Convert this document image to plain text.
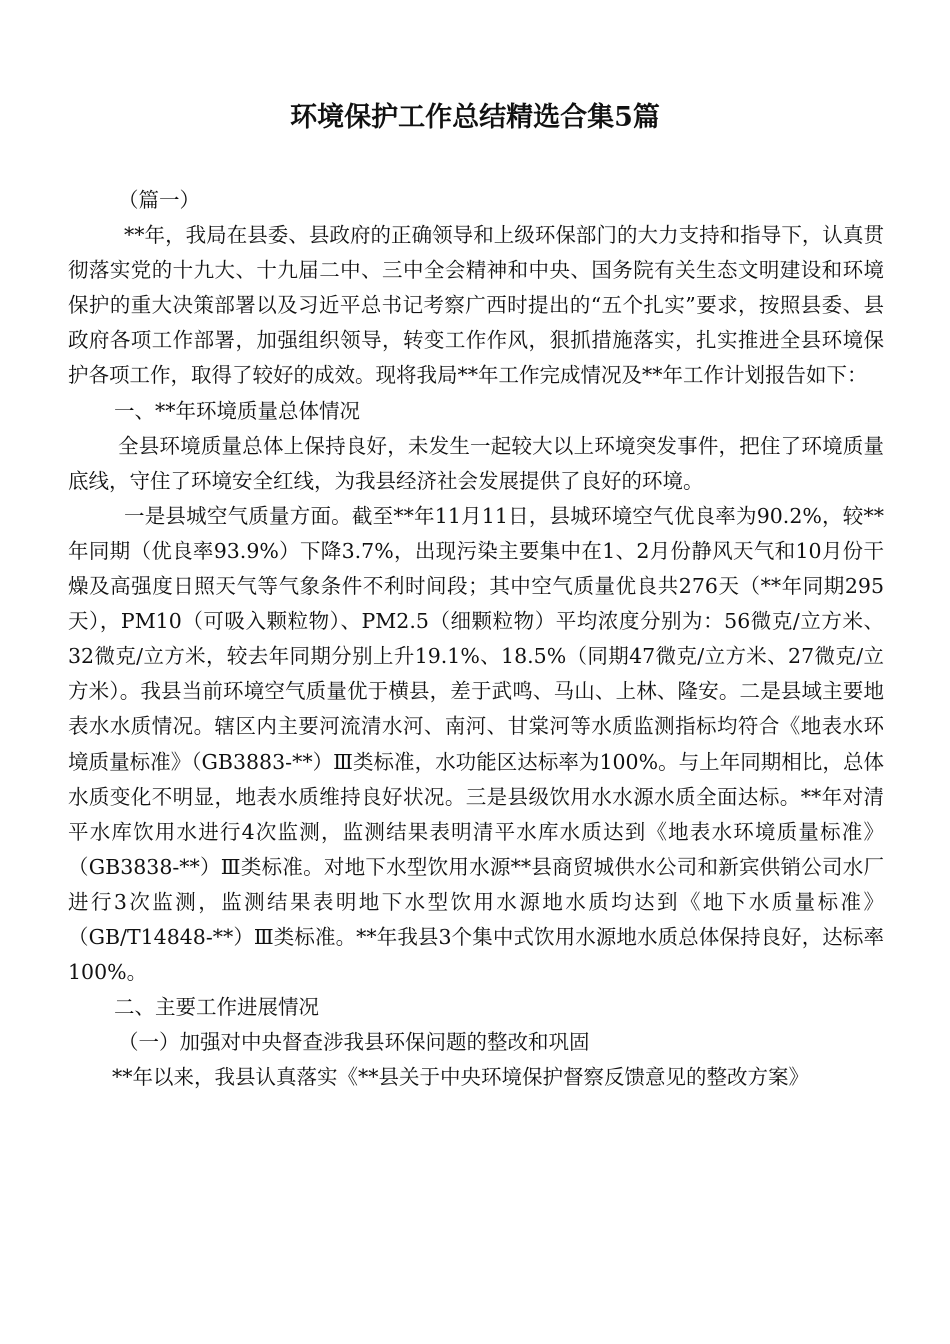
环境保护工作总结精选合集5篇

（篇一）

**年，我局在县委、县政府的正确领导和上级环保部门的大力支持和指导下，认真贯彻落实党的十九大、十九届二中、三中全会精神和中央、国务院有关生态文明建设和环境保护的重大决策部署以及习近平总书记考察广西时提出的“五个扎实”要求，按照县委、县政府各项工作部署，加强组织领导，转变工作作风，狠抓措施落实，扎实推进全县环境保护各项工作，取得了较好的成效。现将我局**年工作完成情况及**年工作计划报告如下：

一、**年环境质量总体情况

全县环境质量总体上保持良好，未发生一起较大以上环境突发事件，把住了环境质量底线，守住了环境安全红线，为我县经济社会发展提供了良好的环境。

一是县城空气质量方面。截至**年11月11日，县城环境空气优良率为90.2%，较**年同期（优良率93.9%）下降3.7%，出现污染主要集中在1、2月份静风天气和10月份干燥及高强度日照天气等气象条件不利时间段；其中空气质量优良共276天（**年同期295天），PM10（可吸入颗粒物）、PM2.5（细颗粒物）平均浓度分别为：56微克/立方米、32微克/立方米，较去年同期分别上升19.1%、18.5%（同期47微克/立方米、27微克/立方米）。我县当前环境空气质量优于横县，差于武鸣、马山、上林、隆安。二是县域主要地表水水质情况。辖区内主要河流清水河、南河、甘棠河等水质监测指标均符合《地表水环境质量标准》（GB3883-**）Ⅲ类标准，水功能区达标率为100%。与上年同期相比，总体水质变化不明显，地表水质维持良好状况。三是县级饮用水水源水质全面达标。**年对清平水库饮用水进行4次监测，监测结果表明清平水库水质达到《地表水环境质量标准》（GB3838-**）Ⅲ类标准。对地下水型饮用水源**县商贸城供水公司和新宾供销公司水厂进行3次监测，监测结果表明地下水型饮用水源地水质均达到《地下水质量标准》（GB/T14848-**）Ⅲ类标准。**年我县3个集中式饮用水源地水质总体保持良好，达标率100%。

二、主要工作进展情况

（一）加强对中央督查涉我县环保问题的整改和巩固

**年以来，我县认真落实《**县关于中央环境保护督察反馈意见的整改方案》
